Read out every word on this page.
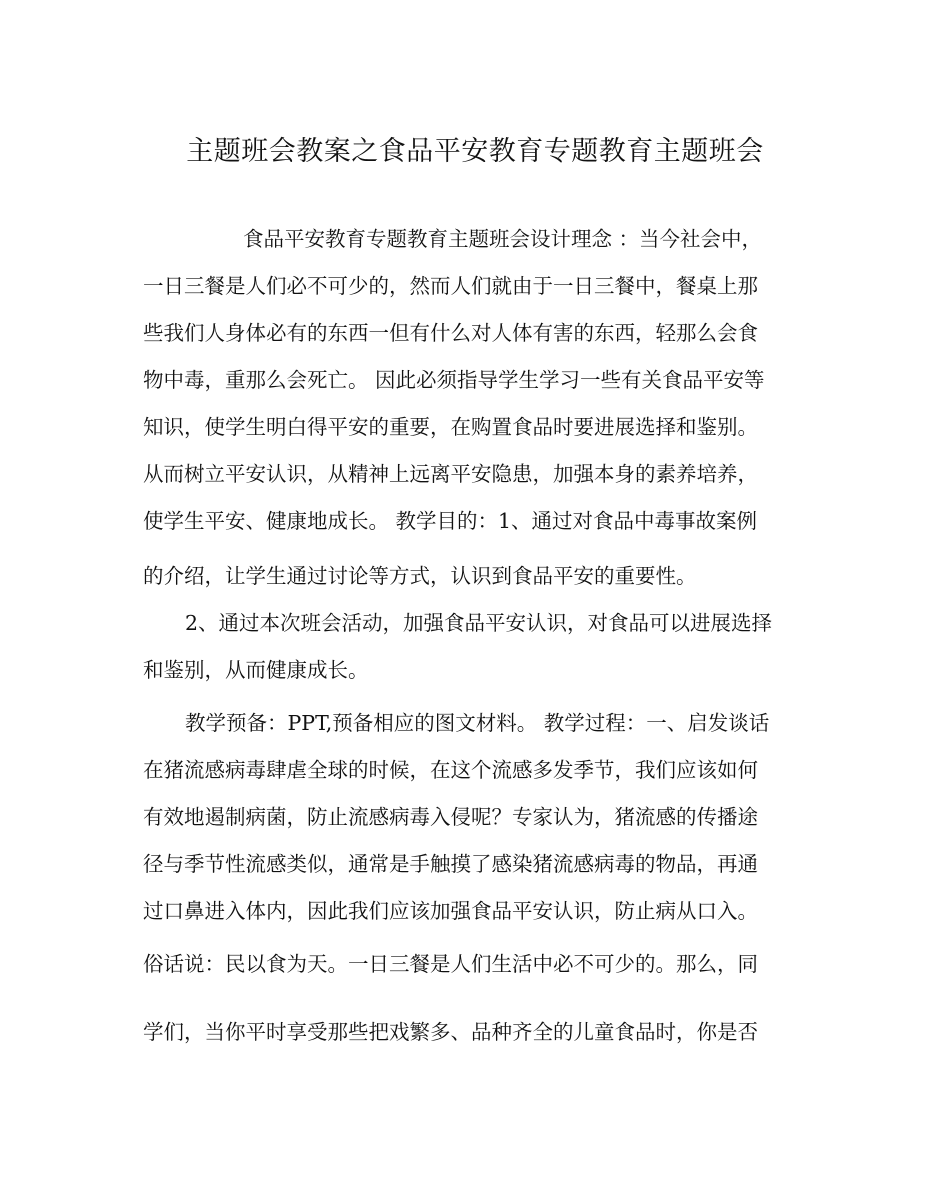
主题班会教案之食品平安教育专题教育主题班会
食品平安教育专题教育主题班会设计理念 ：当今社会中，
一日三餐是人们必不可少的，然而人们就由于一日三餐中，餐桌上那
些我们人身体必有的东西一但有什么对人体有害的东西，轻那么会食
物中毒，重那么会死亡。 因此必须指导学生学习一些有关食品平安等
知识，使学生明白得平安的重要，在购置食品时要进展选择和鉴别。
从而树立平安认识，从精神上远离平安隐患，加强本身的素养培养，
使学生平安、健康地成长。 教学目的：1、通过对食品中毒事故案例
的介绍，让学生通过讨论等方式，认识到食品平安的重要性。
2、通过本次班会活动，加强食品平安认识，对食品可以进展选择
和鉴别，从而健康成长。
教学预备：PPT,预备相应的图文材料。 教学过程：一、启发谈话
在猪流感病毒肆虐全球的时候，在这个流感多发季节，我们应该如何
有效地遏制病菌，防止流感病毒入侵呢？专家认为，猪流感的传播途
径与季节性流感类似，通常是手触摸了感染猪流感病毒的物品，再通
过口鼻进入体内，因此我们应该加强食品平安认识，防止病从口入。
俗话说：民以食为天。一日三餐是人们生活中必不可少的。那么，同
学们，当你平时享受那些把戏繁多、品种齐全的儿童食品时，你是否
